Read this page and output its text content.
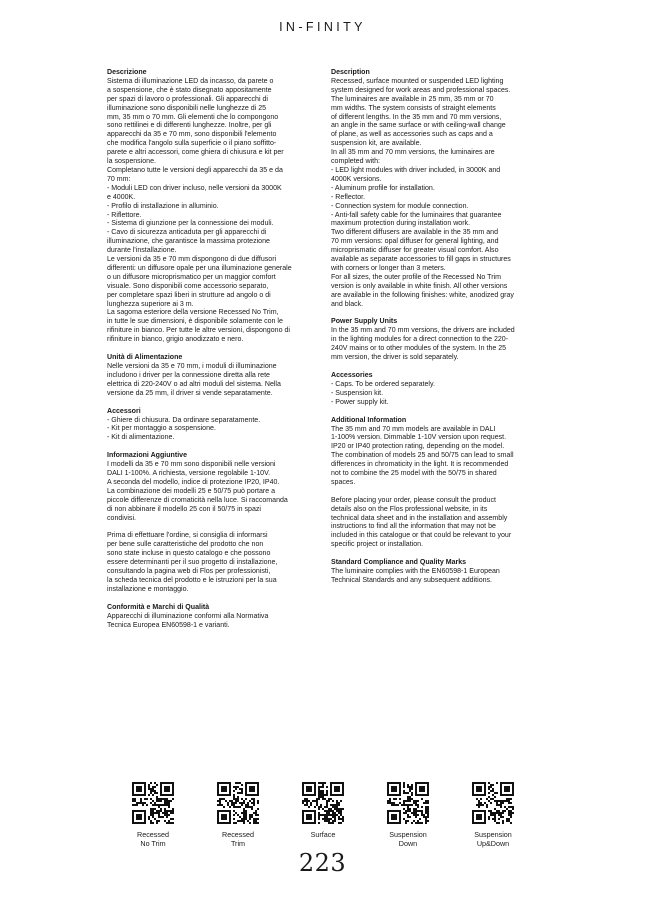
IN-FINITY
Descrizione
Sistema di illuminazione LED da incasso, da parete o
a sospensione, che è stato disegnato appositamente
per spazi di lavoro o professionali. Gli apparecchi di
illuminazione sono disponibili nelle lunghezze di 25
mm, 35 mm o 70 mm. Gli elementi che lo compongono
sono rettilinei e di differenti lunghezze. Inoltre, per gli
apparecchi da 35 e 70 mm, sono disponibili l'elemento
che modifica l'angolo sulla superficie o il piano soffitto-
parete e altri accessori, come ghiera di chiusura e kit per
la sospensione.
Completano tutte le versioni degli apparecchi da 35 e da
70 mm:
- Moduli LED con driver incluso, nelle versioni da 3000K
e 4000K.
- Profilo di installazione in alluminio.
- Riflettore.
- Sistema di giunzione per la connessione dei moduli.
- Cavo di sicurezza anticaduta per gli apparecchi di
illuminazione, che garantisce la massima protezione
durante l'installazione.
Le versioni da 35 e 70 mm dispongono di due diffusori
differenti: un diffusore opale per una illuminazione generale
o un diffusore microprismatico per un maggior comfort
visuale. Sono disponibili come accessorio separato,
per completare spazi liberi in strutture ad angolo o di
lunghezza superiore ai 3 m.
La sagoma esteriore della versione Recessed No Trim,
in tutte le sue dimensioni, è disponibile solamente con le
rifiniture in bianco. Per tutte le altre versioni, dispongono di
rifiniture in bianco, grigio anodizzato e nero.
Unità di Alimentazione
Nelle versioni da 35 e 70 mm, i moduli di illuminazione
includono i driver per la connessione diretta alla rete
elettrica di 220-240V o ad altri moduli del sistema. Nella
versione da 25 mm, il driver si vende separatamente.
Accessori
- Ghiere di chiusura. Da ordinare separatamente.
- Kit per montaggio a sospensione.
- Kit di alimentazione.
Informazioni Aggiuntive
I modelli da 35 e 70 mm sono disponibili nelle versioni
DALI 1-100%. A richiesta, versione regolabile 1-10V.
A seconda del modello, indice di protezione IP20, IP40.
La combinazione dei modelli 25 e 50/75 può portare a
piccole differenze di cromaticità nella luce. Si raccomanda
di non abbinare il modello 25 con il 50/75 in spazi
condivisi.
Prima di effettuare l'ordine, si consiglia di informarsi
per bene sulle caratteristiche del prodotto che non
sono state incluse in questo catalogo e che possono
essere determinanti per il suo progetto di installazione,
consultando la pagina web di Flos per professionisti,
la scheda tecnica del prodotto e le istruzioni per la sua
installazione e montaggio.
Conformità e Marchi di Qualità
Apparecchi di illuminazione conformi alla Normativa
Tecnica Europea EN60598-1 e varianti.
Description
Recessed, surface mounted or suspended LED lighting
system designed for work areas and professional spaces.
The luminaires are available in 25 mm, 35 mm or 70
mm widths. The system consists of straight elements
of different lengths. In the 35 mm and 70 mm versions,
an angle in the same surface or with ceiling-wall change
of plane, as well as accessories such as caps and a
suspension kit, are available.
In all 35 mm and 70 mm versions, the luminaires are
completed with:
- LED light modules with driver included, in 3000K and
4000K versions.
- Aluminum profile for installation.
- Reflector.
- Connection system for module connection.
- Anti-fall safety cable for the luminaires that guarantee
maximum protection during installation work.
Two different diffusers are available in the 35 mm and
70 mm versions: opal diffuser for general lighting, and
microprismatic diffuser for greater visual comfort. Also
available as separate accessories to fill gaps in structures
with corners or longer than 3 meters.
For all sizes, the outer profile of the Recessed No Trim
version is only available in white finish. All other versions
are available in the following finishes: white, anodized gray
and black.
Power Supply Units
In the 35 mm and 70 mm versions, the drivers are included
in the lighting modules for a direct connection to the 220-
240V mains or to other modules of the system. In the 25
mm version, the driver is sold separately.
Accessories
- Caps. To be ordered separately.
- Suspension kit.
- Power supply kit.
Additional Information
The 35 mm and 70 mm models are available in DALI
1-100% version. Dimmable 1-10V version upon request.
IP20 or IP40 protection rating, depending on the model.
The combination of models 25 and 50/75 can lead to small
differences in chromaticity in the light. It is recommended
not to combine the 25 model with the 50/75 in shared
spaces.
Before placing your order, please consult the product
details also on the Flos professional website, in its
technical data sheet and in the installation and assembly
instructions to find all the information that may not be
included in this catalogue or that could be relevant to your
specific project or installation.
Standard Compliance and Quality Marks
The luminaire complies with the EN60598-1 European
Technical Standards and any subsequent additions.
Recessed
No Trim
Recessed
Trim
Surface	Suspension
Down
Suspension
Up&Down
223
